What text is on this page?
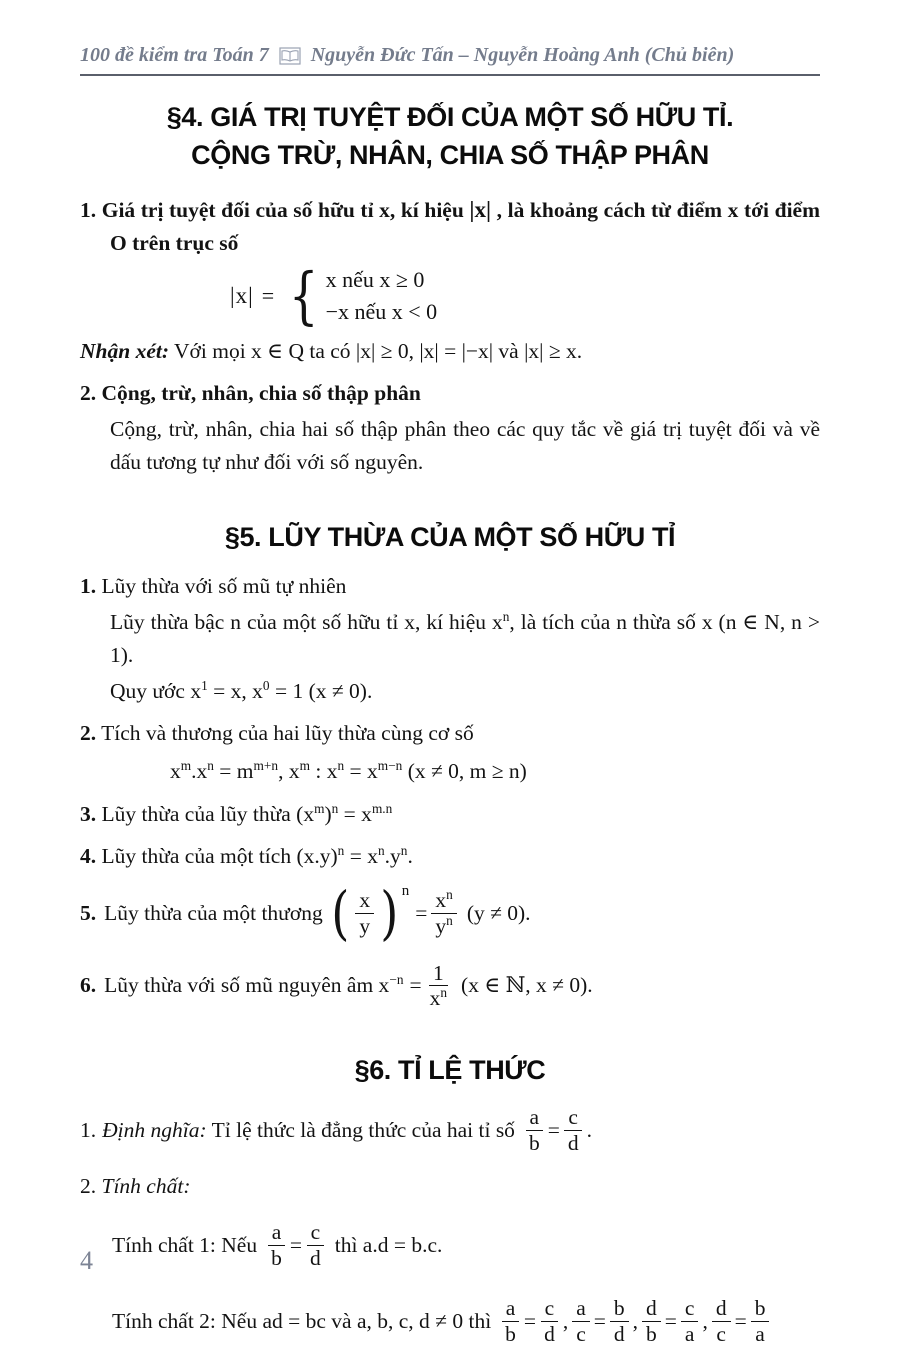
100 đề kiểm tra Toán 7 Nguyễn Đức Tấn – Nguyễn Hoàng Anh (Chủ biên)
§4. GIÁ TRỊ TUYỆT ĐỐI CỦA MỘT SỐ HỮU TỈ.
CỘNG TRỪ, NHÂN, CHIA SỐ THẬP PHÂN

1. Giá trị tuyệt đối của số hữu tỉ x, kí hiệu |x| , là khoảng cách từ điểm x tới điểm O trên trục số

|x| = { x nếu x ≥ 0
−x nếu x < 0

Nhận xét: Với mọi x ∈ Q ta có |x| ≥ 0, |x| = |−x| và |x| ≥ x.

2. Cộng, trừ, nhân, chia số thập phân

Cộng, trừ, nhân, chia hai số thập phân theo các quy tắc về giá trị tuyệt đối và về dấu tương tự như đối với số nguyên.

§5. LŨY THỪA CỦA MỘT SỐ HỮU TỈ

1. Lũy thừa với số mũ tự nhiên

Lũy thừa bậc n của một số hữu tỉ x, kí hiệu $x^n$, là tích của n thừa số x (n ∈ N, n > 1).

Quy ước $x^1 = x$, $x^0 = 1$ (x ≠ 0).

2. Tích và thương của hai lũy thừa cùng cơ số

$x^m.x^n = m^{m+n}$, $x^m$ : $x^n = x^{m-n}$ (x ≠ 0, m ≥ n)

3. Lũy thừa của lũy thừa $(x^m)^n = x^{m.n}$

4. Lũy thừa của một tích $(x.y)^n = x^n.y^n$.

5. Lũy thừa của một thương ( $\frac{x}{y}$ ) n
= $\frac{x^n}{y^n} (y \ne 0)$.
6. Lũy thừa với số mũ nguyên âm $x^{-n} = \frac{1}{x^n} (x$ ∈ ℕ, x ≠ 0).
§6. TỈ LỆ THỨC
1. Định nghĩa: Tỉ lệ thức là đẳng thức của hai tỉ số $\frac{a}{b} = \frac{c}{d}$ .

2. Tính chất:

Tính chất 1: Nếu $\frac{a}{b} = \frac{c}{d}$ thì a.d = b.c.
Tính chất 2: Nếu ad = bc và a, b, c, d ≠ 0 thì $\frac{a}{b} = \frac{c}{d}$ , $\frac{a}{c} = \frac{b}{d}$ , $\frac{d}{b} = \frac{c}{a}$ , $\frac{d}{c} = \frac{b}{a}$
4
